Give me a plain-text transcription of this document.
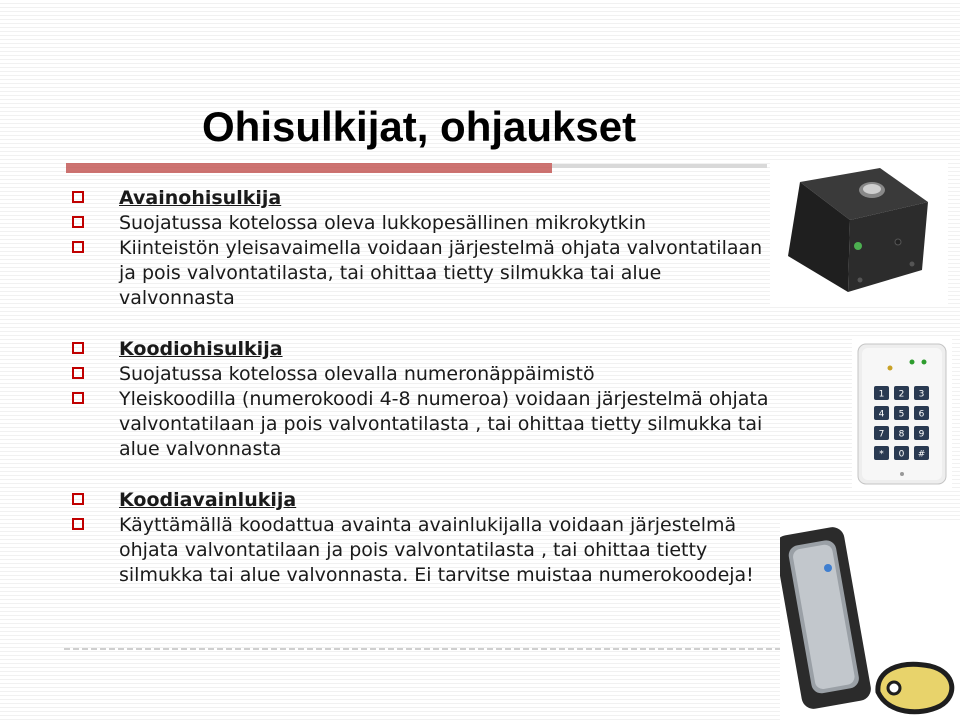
Ohisulkijat, ohjaukset
Avainohisulkija
Suojatussa kotelossa oleva lukkopesällinen mikrokytkin
Kiinteistön yleisavaimella voidaan järjestelmä ohjata valvontatilaan ja pois valvontatilasta, tai ohittaa tietty silmukka tai alue valvonnasta
Koodiohisulkija
Suojatussa kotelossa olevalla numeronäppäimistö
Yleiskoodilla (numerokoodi 4-8 numeroa) voidaan järjestelmä ohjata valvontatilaan ja pois valvontatilasta , tai ohittaa tietty silmukka tai alue valvonnasta
Koodiavainlukija
Käyttämällä koodattua avainta avainlukijalla voidaan järjestelmä ohjata valvontatilaan ja pois valvontatilasta , tai ohittaa tietty silmukka tai alue valvonnasta. Ei tarvitse muistaa numerokoodeja!
1 2 3
4 5 6
7 8 9
* 0 #
